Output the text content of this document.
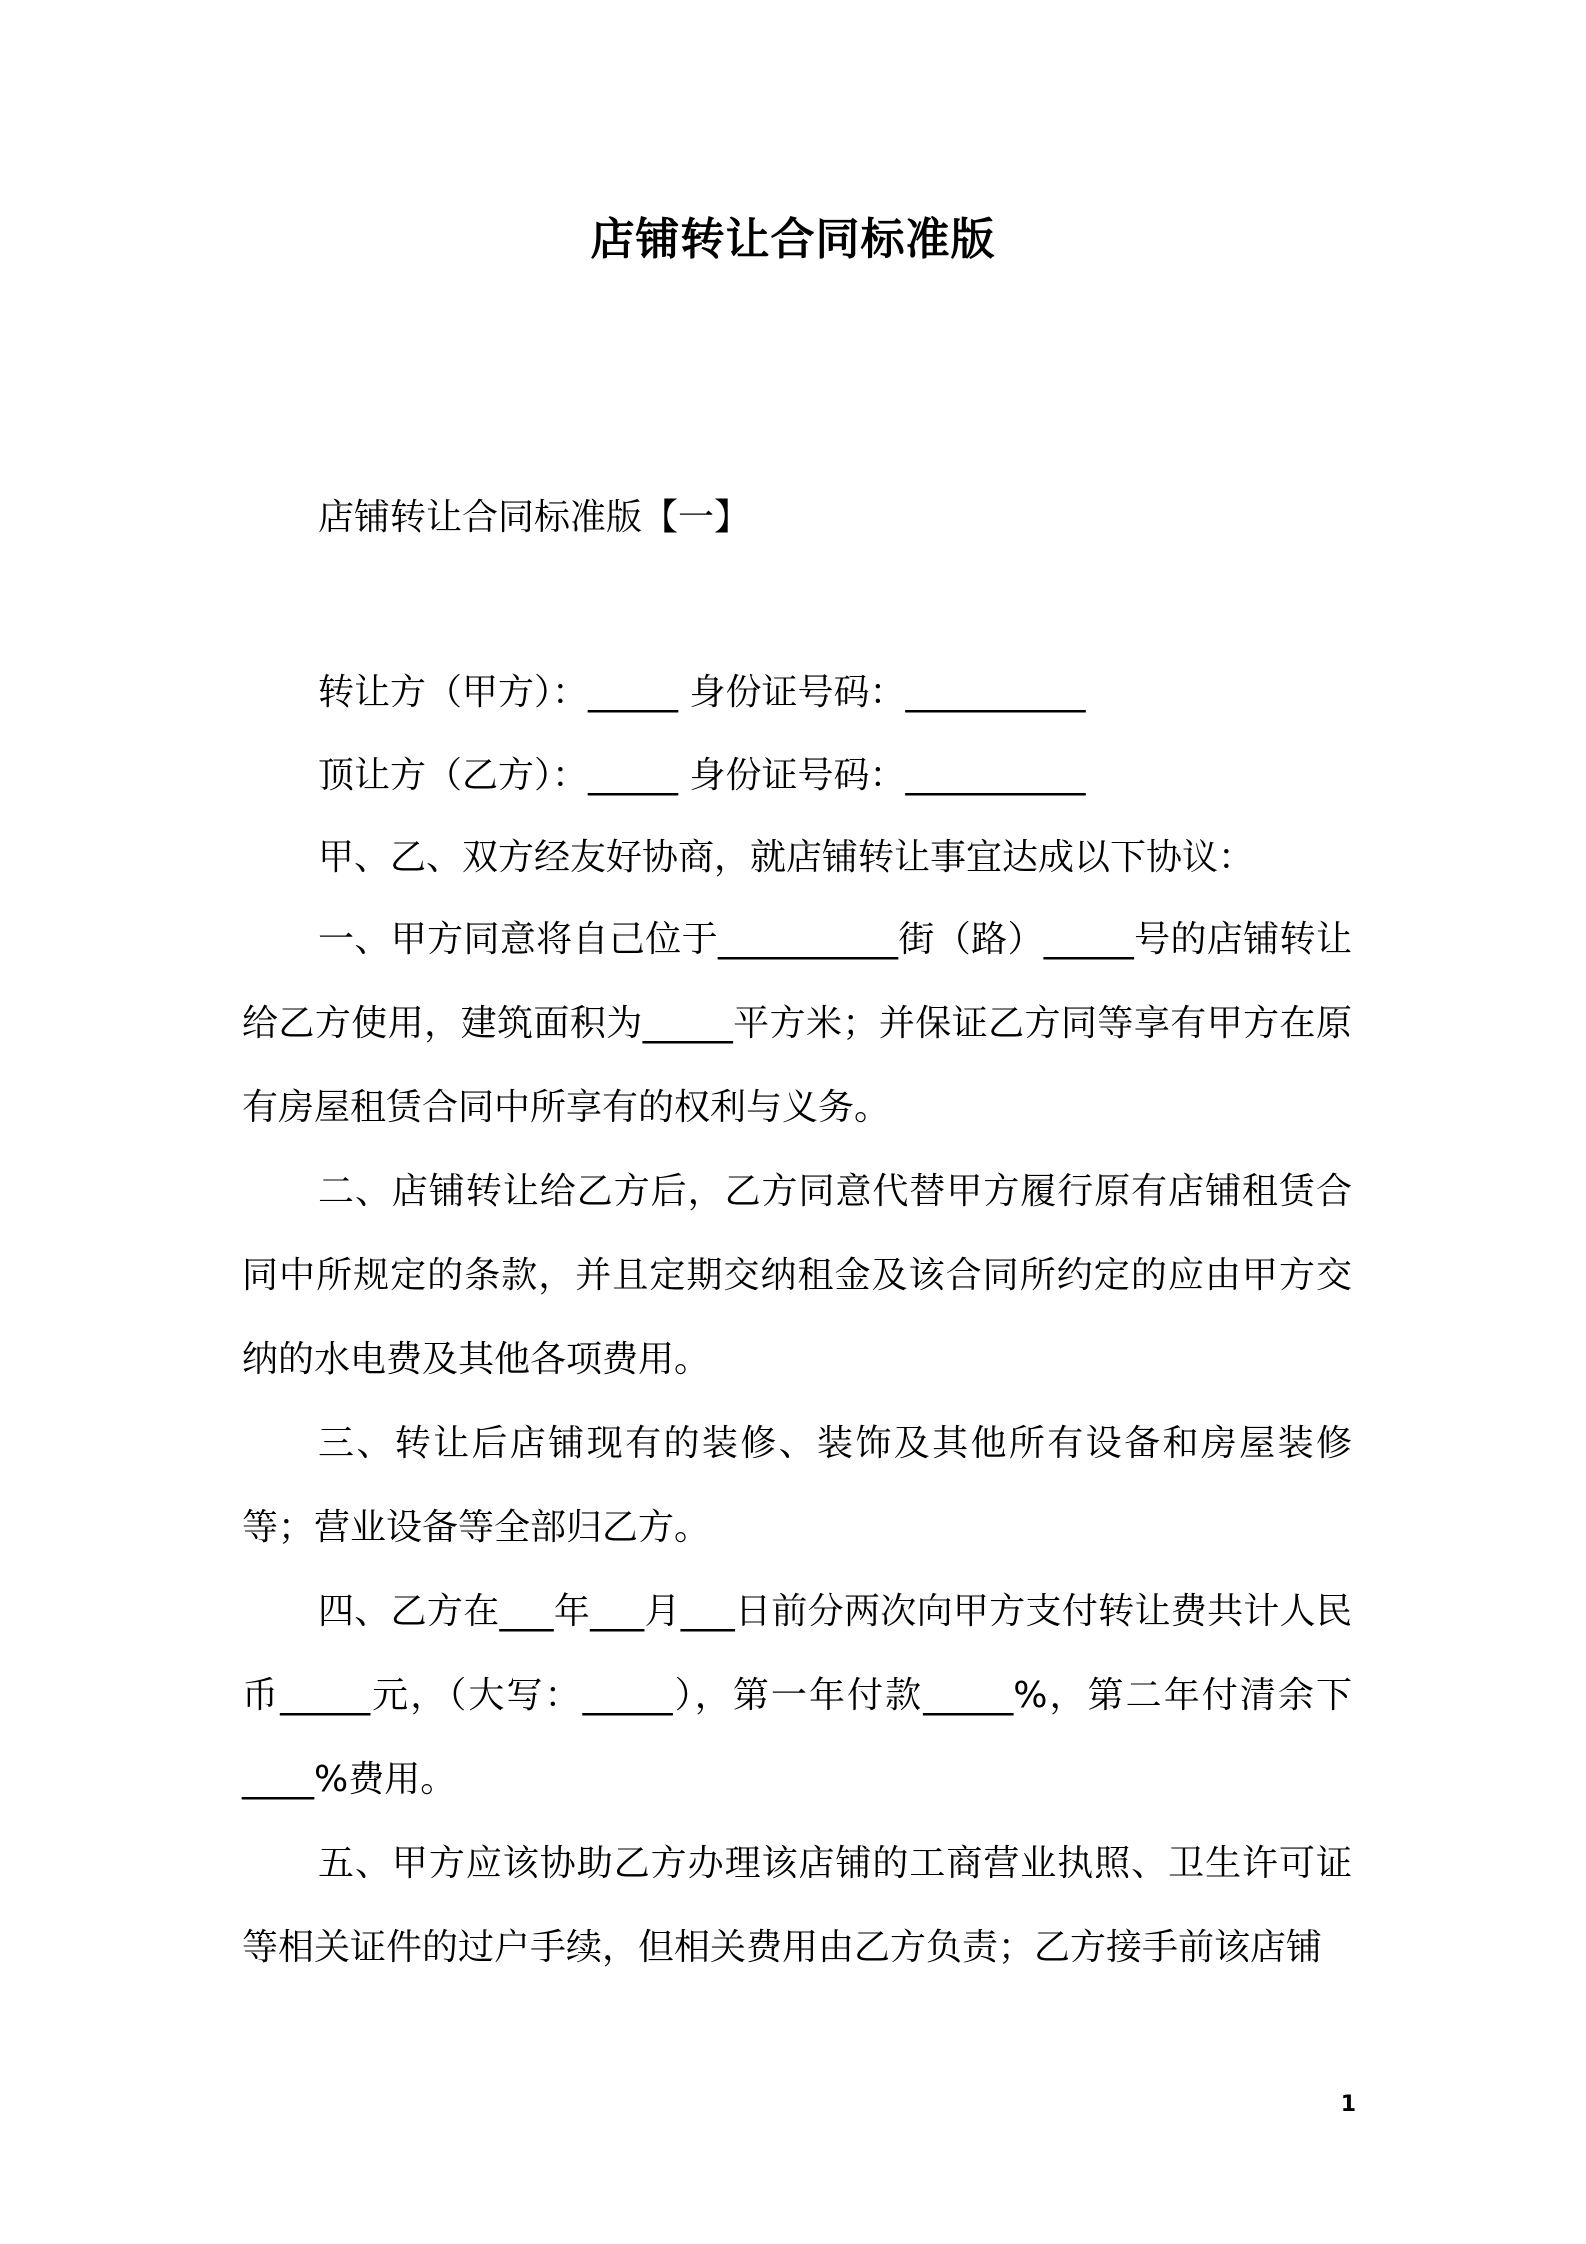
店铺转让合同标准版
店铺转让合同标准版【一】
转让方（甲方）：_____ 身份证号码：__________
顶让方（乙方）：_____ 身份证号码：__________
甲、乙、双方经友好协商，就店铺转让事宜达成以下协议：

一、甲方同意将自己位于__________街（路）_____号的店铺转让给乙方使用，建筑面积为_____平方米；并保证乙方同等享有甲方在原有房屋租赁合同中所享有的权利与义务。

二、店铺转让给乙方后，乙方同意代替甲方履行原有店铺租赁合同中所规定的条款，并且定期交纳租金及该合同所约定的应由甲方交纳的水电费及其他各项费用。

三、转让后店铺现有的装修、装饰及其他所有设备和房屋装修等；营业设备等全部归乙方。

四、乙方在___年___月___日前分两次向甲方支付转让费共计人民币_____元，（大写：_____），第一年付款_____%，第二年付清余下____%费用。

五、甲方应该协助乙方办理该店铺的工商营业执照、卫生许可证等相关证件的过户手续，但相关费用由乙方负责；乙方接手前该店铺

1
